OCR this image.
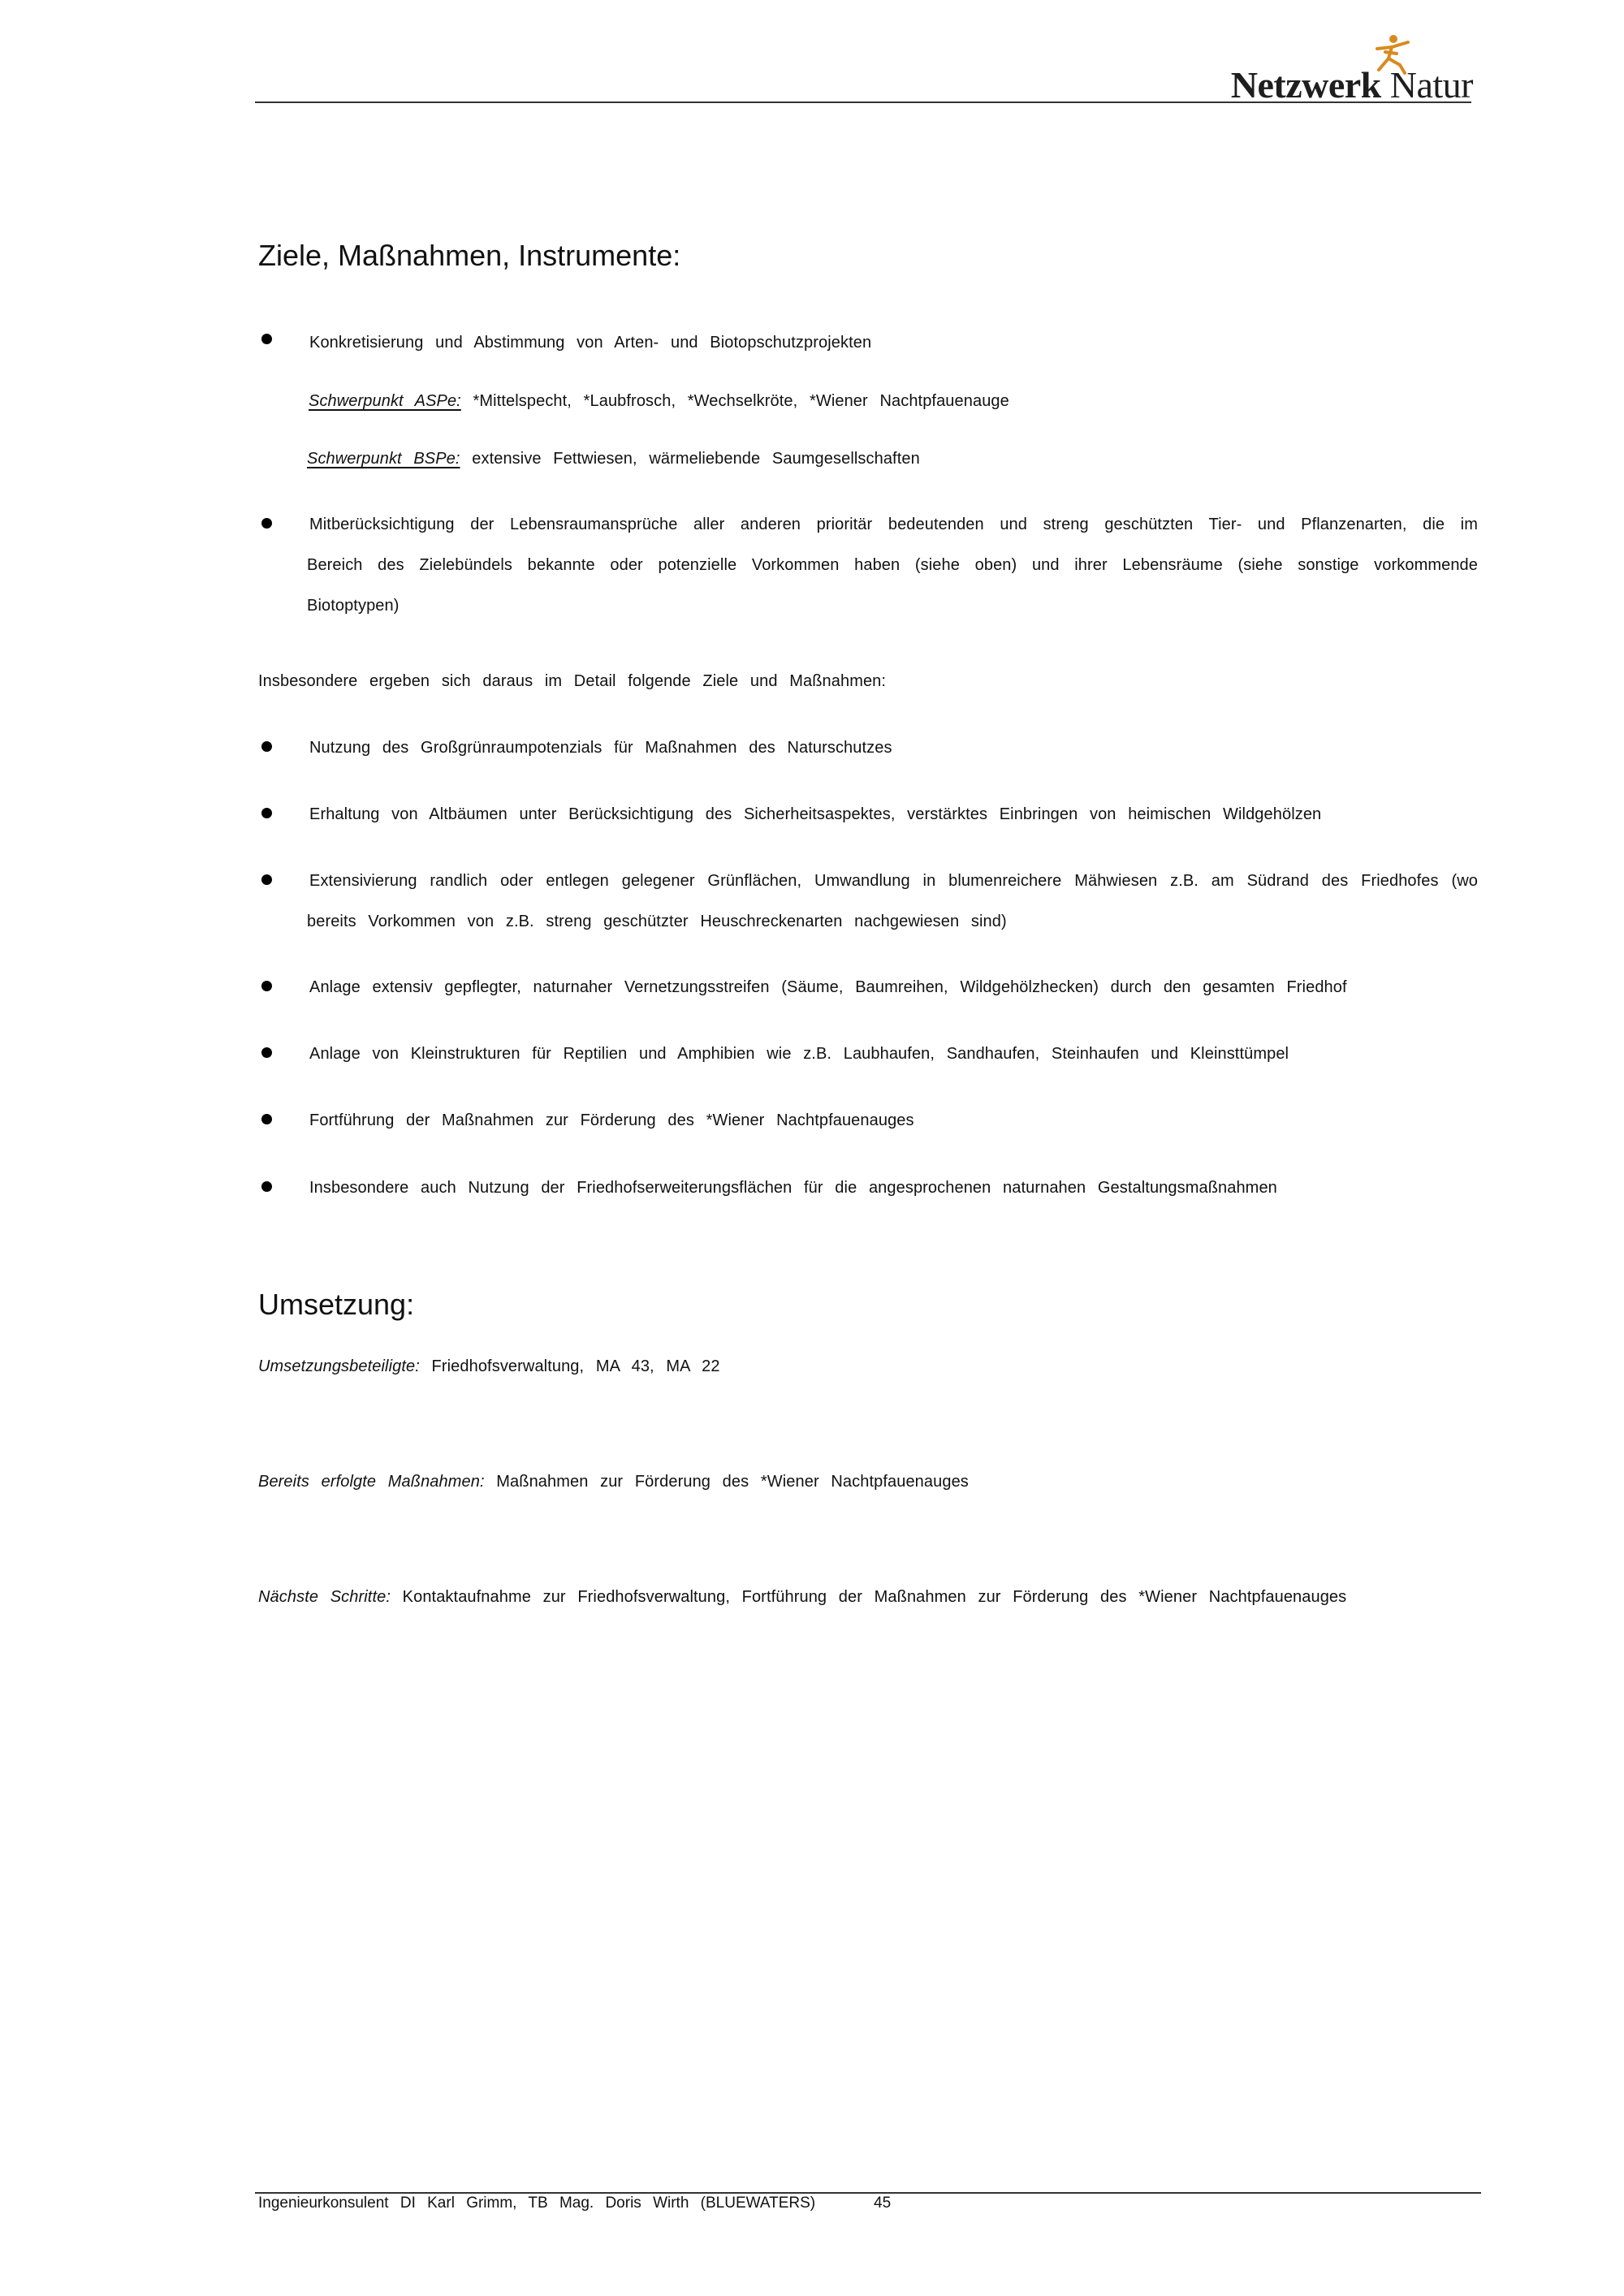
Netzwerk Natur
Ziele, Maßnahmen, Instrumente:

Konkretisierung und Abstimmung von Arten- und Biotopschutzprojekten

Schwerpunkt ASPe: *Mittelspecht, *Laubfrosch, *Wechselkröte, *Wiener Nachtpfauenauge

Schwerpunkt BSPe: extensive Fettwiesen, wärmeliebende Saumgesellschaften

Mitberücksichtigung der Lebensraumansprüche aller anderen prioritär bedeutenden und streng geschützten Tier- und Pflanzenarten, die im Bereich des Zielebündels bekannte oder potenzielle Vorkommen haben (siehe oben) und ihrer Lebensräume (siehe sonstige vorkommende Biotoptypen)

Insbesondere ergeben sich daraus im Detail folgende Ziele und Maßnahmen:

Nutzung des Großgrünraumpotenzials für Maßnahmen des Naturschutzes

Erhaltung von Altbäumen unter Berücksichtigung des Sicherheitsaspektes, verstärktes Einbringen von heimischen Wildgehölzen

Extensivierung randlich oder entlegen gelegener Grünflächen, Umwandlung in blumenreichere Mähwiesen z.B. am Südrand des Friedhofes (wo bereits Vorkommen von z.B. streng geschützter Heuschreckenarten nachgewiesen sind)

Anlage extensiv gepflegter, naturnaher Vernetzungsstreifen (Säume, Baumreihen, Wildgehölzhecken) durch den gesamten Friedhof

Anlage von Kleinstrukturen für Reptilien und Amphibien wie z.B. Laubhaufen, Sandhaufen, Steinhaufen und Kleinsttümpel

Fortführung der Maßnahmen zur Förderung des *Wiener Nachtpfauenauges

Insbesondere auch Nutzung der Friedhofserweiterungsflächen für die angesprochenen naturnahen Gestaltungsmaßnahmen

Umsetzung:

Umsetzungsbeteiligte: Friedhofsverwaltung, MA 43, MA 22

Bereits erfolgte Maßnahmen: Maßnahmen zur Förderung des *Wiener Nachtpfauenauges

Nächste Schritte: Kontaktaufnahme zur Friedhofsverwaltung, Fortführung der Maßnahmen zur Förderung des *Wiener Nachtpfauenauges

Ingenieurkonsulent DI Karl Grimm, TB Mag. Doris Wirth (BLUEWATERS)	45
